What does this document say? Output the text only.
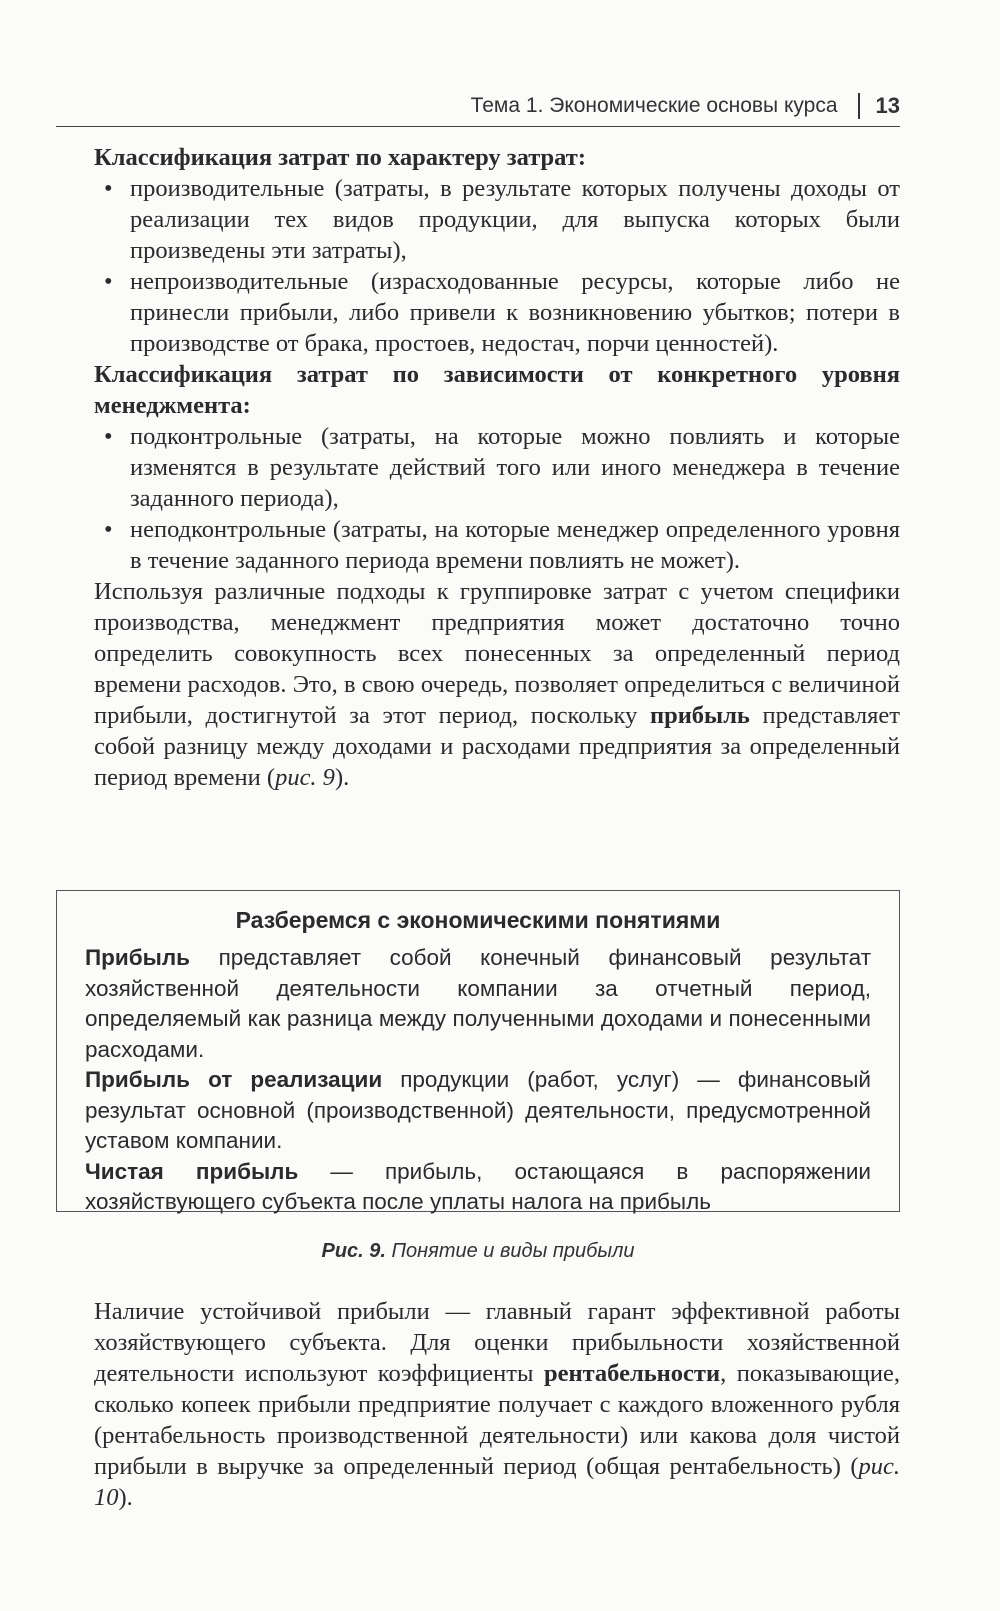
Тема 1. Экономические основы курса 13

Классификация затрат по характеру затрат:

• производительные (затраты, в результате которых получены доходы от реализации тех видов продукции, для выпуска которых были произведены эти затраты),
• непроизводительные (израсходованные ресурсы, которые либо не принесли прибыли, либо привели к возникновению убытков; потери в производстве от брака, простоев, недостач, порчи ценностей).

Классификация затрат по зависимости от конкретного уровня менеджмента:

• подконтрольные (затраты, на которые можно повлиять и которые изменятся в результате действий того или иного менеджера в течение заданного периода),
• неподконтрольные (затраты, на которые менеджер определенного уровня в течение заданного периода времени повлиять не может).

Используя различные подходы к группировке затрат с учетом специфики производства, менеджмент предприятия может достаточно точно определить совокупность всех понесенных за определенный период времени расходов. Это, в свою очередь, позволяет определиться с величиной прибыли, достигнутой за этот период, поскольку прибыль представляет собой разницу между доходами и расходами предприятия за определенный период времени (рис. 9).

Разберемся с экономическими понятиями

Прибыль представляет собой конечный финансовый результат хозяйственной деятельности компании за отчетный период, определяемый как разница между полученными доходами и понесенными расходами.

Прибыль от реализации продукции (работ, услуг) — финансовый результат основной (производственной) деятельности, предусмотренной уставом компании.

Чистая прибыль — прибыль, остающаяся в распоряжении хозяйствующего субъекта после уплаты налога на прибыль

Рис. 9. Понятие и виды прибыли

Наличие устойчивой прибыли — главный гарант эффективной работы хозяйствующего субъекта. Для оценки прибыльности хозяйственной деятельности используют коэффициенты рентабельности, показывающие, сколько копеек прибыли предприятие получает с каждого вложенного рубля (рентабельность производственной деятельности) или какова доля чистой прибыли в выручке за определенный период (общая рентабельность) (рис. 10).
